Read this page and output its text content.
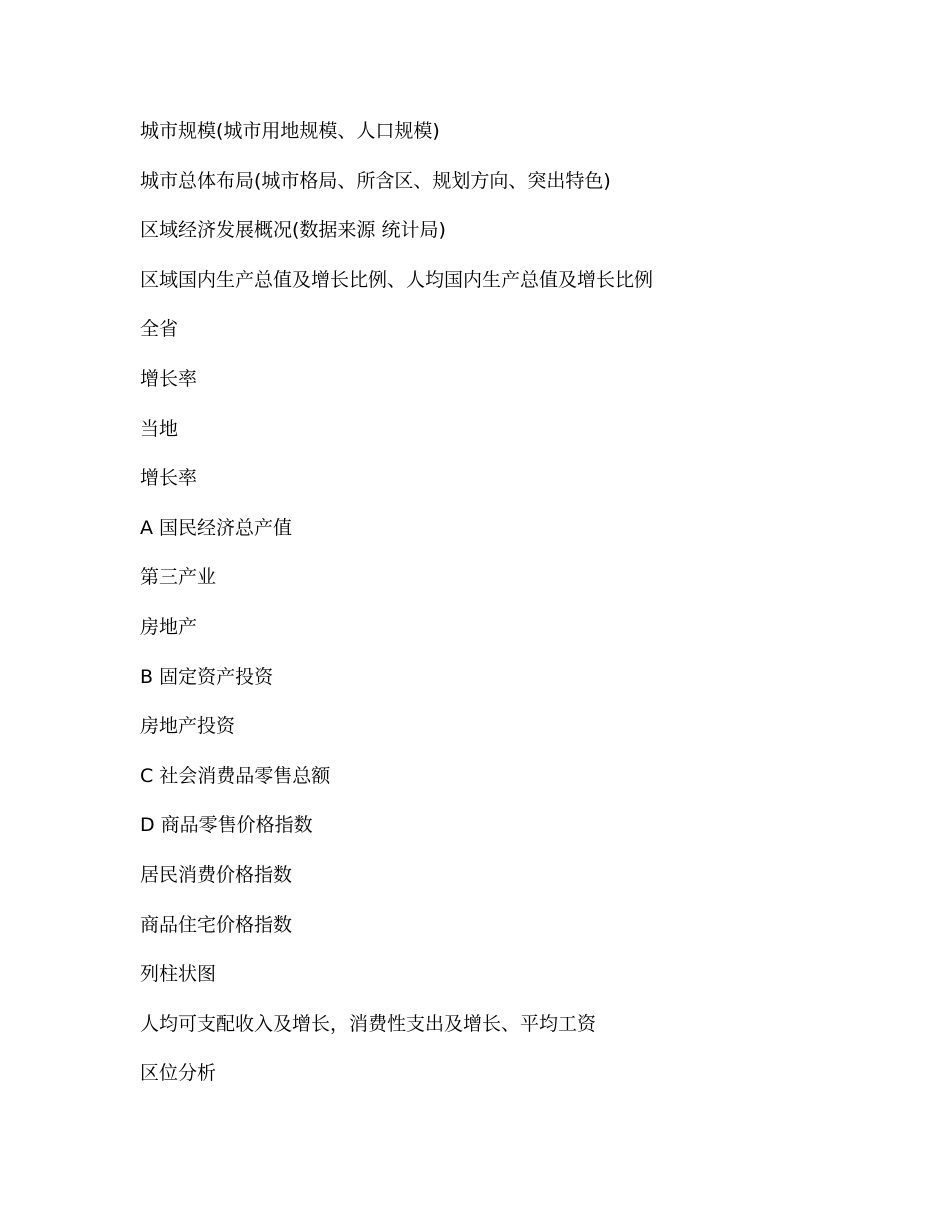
城市规模(城市用地规模、人口规模)
城市总体布局(城市格局、所含区、规划方向、突出特色)
区域经济发展概况(数据来源 统计局)
区域国内生产总值及增长比例、人均国内生产总值及增长比例
全省
增长率
当地
增长率
A 国民经济总产值
第三产业
房地产
B 固定资产投资
房地产投资
C 社会消费品零售总额
D 商品零售价格指数
居民消费价格指数
商品住宅价格指数
列柱状图
人均可支配收入及增长，消费性支出及增长、平均工资
区位分析
